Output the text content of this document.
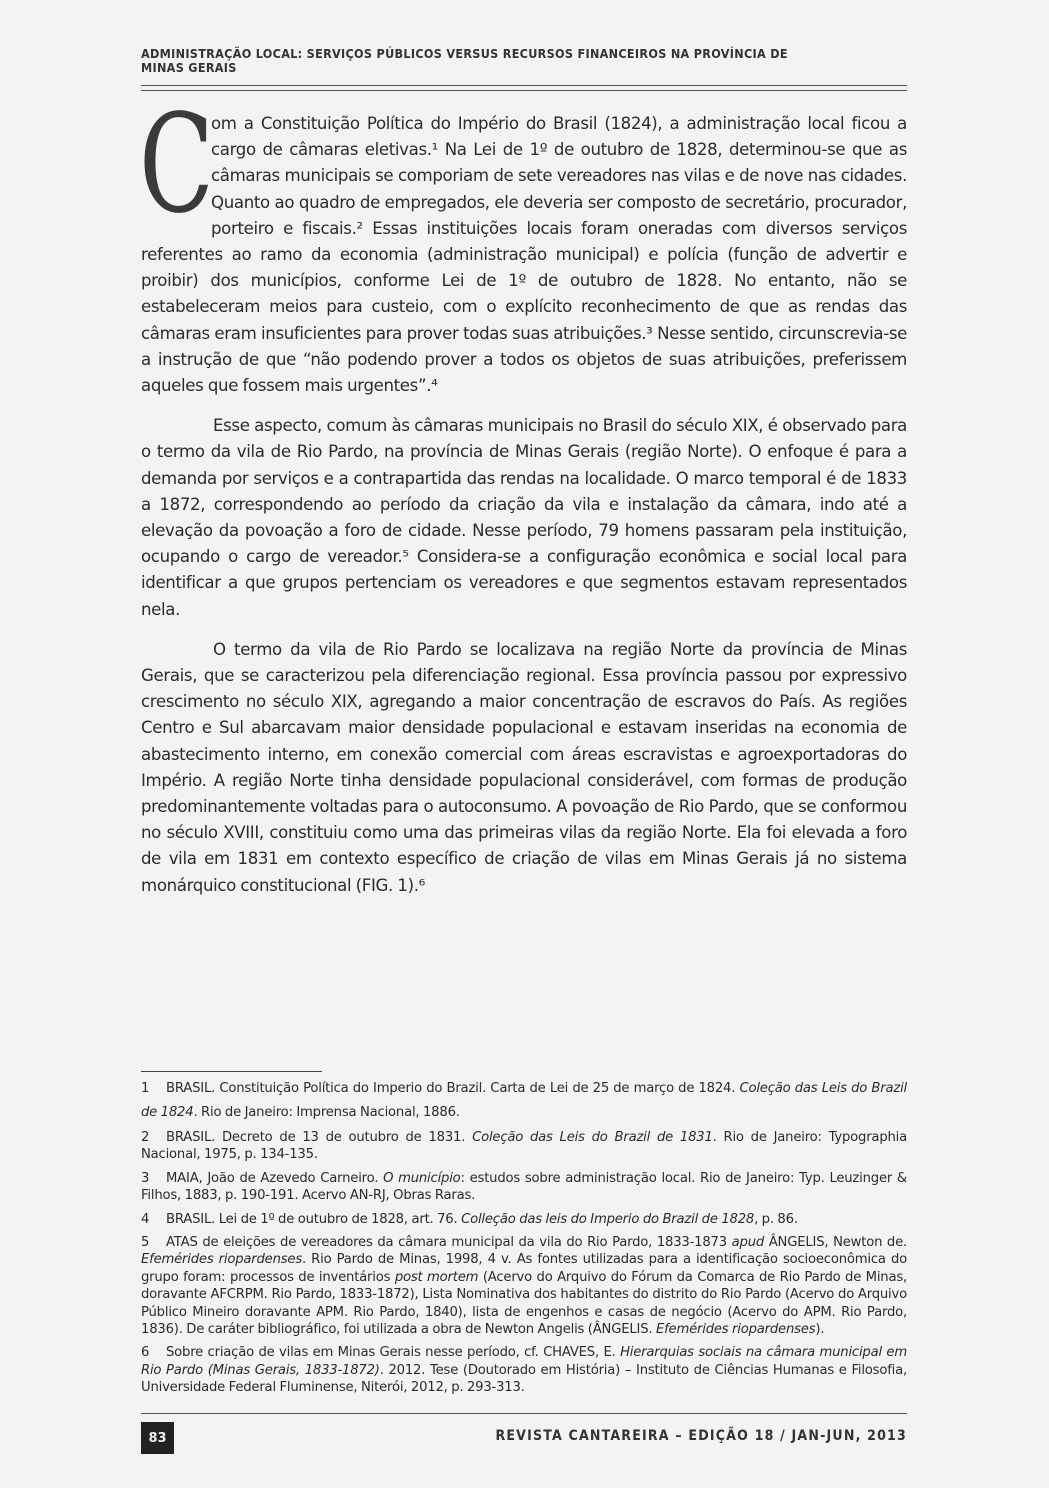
ADMINISTRAÇÃO LOCAL: SERVIÇOS PÚBLICOS VERSUS RECURSOS FINANCEIROS NA PROVÍNCIA DE
MINAS GERAIS

C
om a Constituição Política do Império do Brasil (1824), a administração local ficou a cargo de câmaras eletivas.¹ Na Lei de 1º de outubro de 1828, determinou-se que as câmaras municipais se comporiam de sete vereadores nas vilas e de nove nas cidades. Quanto ao quadro de empregados, ele deveria ser composto de secretário, procurador, porteiro e fiscais.² Essas instituições locais foram oneradas com diversos serviços referentes ao ramo da economia (administração municipal) e polícia (função de advertir e proibir) dos municípios, conforme Lei de 1º de outubro de 1828. No entanto, não se estabeleceram meios para custeio, com o explícito reconhecimento de que as rendas das câmaras eram insuficientes para prover todas suas atribuições.³ Nesse sentido, circunscrevia-se a instrução de que “não podendo prover a todos os objetos de suas atribuições, preferissem aqueles que fossem mais urgentes”.⁴

Esse aspecto, comum às câmaras municipais no Brasil do século XIX, é observado para o termo da vila de Rio Pardo, na província de Minas Gerais (região Norte). O enfoque é para a demanda por serviços e a contrapartida das rendas na localidade. O marco temporal é de 1833 a 1872, correspondendo ao período da criação da vila e instalação da câmara, indo até a elevação da povoação a foro de cidade. Nesse período, 79 homens passaram pela instituição, ocupando o cargo de vereador.⁵ Considera-se a configuração econômica e social local para identificar a que grupos pertenciam os vereadores e que segmentos estavam representados nela.

O termo da vila de Rio Pardo se localizava na região Norte da província de Minas Gerais, que se caracterizou pela diferenciação regional. Essa província passou por expressivo crescimento no século XIX, agregando a maior concentração de escravos do País. As regiões Centro e Sul abarcavam maior densidade populacional e estavam inseridas na economia de abastecimento interno, em conexão comercial com áreas escravistas e agroexportadoras do Império. A região Norte tinha densidade populacional considerável, com formas de produção predominantemente voltadas para o autoconsumo. A povoação de Rio Pardo, que se conformou no século XVIII, constituiu como uma das primeiras vilas da região Norte. Ela foi elevada a foro de vila em 1831 em contexto específico de criação de vilas em Minas Gerais já no sistema monárquico constitucional (FIG. 1).⁶

1 BRASIL. Constituição Política do Imperio do Brazil. Carta de Lei de 25 de março de 1824. Coleção das Leis do Brazil de 1824. Rio de Janeiro: Imprensa Nacional, 1886.
2 BRASIL. Decreto de 13 de outubro de 1831. Coleção das Leis do Brazil de 1831. Rio de Janeiro: Typographia Nacional, 1975, p. 134-135.
3 MAIA, João de Azevedo Carneiro. O município: estudos sobre administração local. Rio de Janeiro: Typ. Leuzinger & Filhos, 1883, p. 190-191. Acervo AN-RJ, Obras Raras.
4 BRASIL. Lei de 1º de outubro de 1828, art. 76. Colleção das leis do Imperio do Brazil de 1828, p. 86.
5 ATAS de eleições de vereadores da câmara municipal da vila do Rio Pardo, 1833-1873 apud ÂNGELIS, Newton de. Efemérides riopardenses. Rio Pardo de Minas, 1998, 4 v. As fontes utilizadas para a identificação socioeconômica do grupo foram: processos de inventários post mortem (Acervo do Arquivo do Fórum da Comarca de Rio Pardo de Minas, doravante AFCRPM. Rio Pardo, 1833-1872), Lista Nominativa dos habitantes do distrito do Rio Pardo (Acervo do Arquivo Público Mineiro doravante APM. Rio Pardo, 1840), lista de engenhos e casas de negócio (Acervo do APM. Rio Pardo, 1836). De caráter bibliográfico, foi utilizada a obra de Newton Angelis (ÂNGELIS. Efemérides riopardenses).
6 Sobre criação de vilas em Minas Gerais nesse período, cf. CHAVES, E. Hierarquias sociais na câmara municipal em Rio Pardo (Minas Gerais, 1833-1872). 2012. Tese (Doutorado em História) – Instituto de Ciências Humanas e Filosofia, Universidade Federal Fluminense, Niterói, 2012, p. 293-313.
83	REVISTA CANTAREIRA – EDIÇÃO 18 / JAN-JUN, 2013
